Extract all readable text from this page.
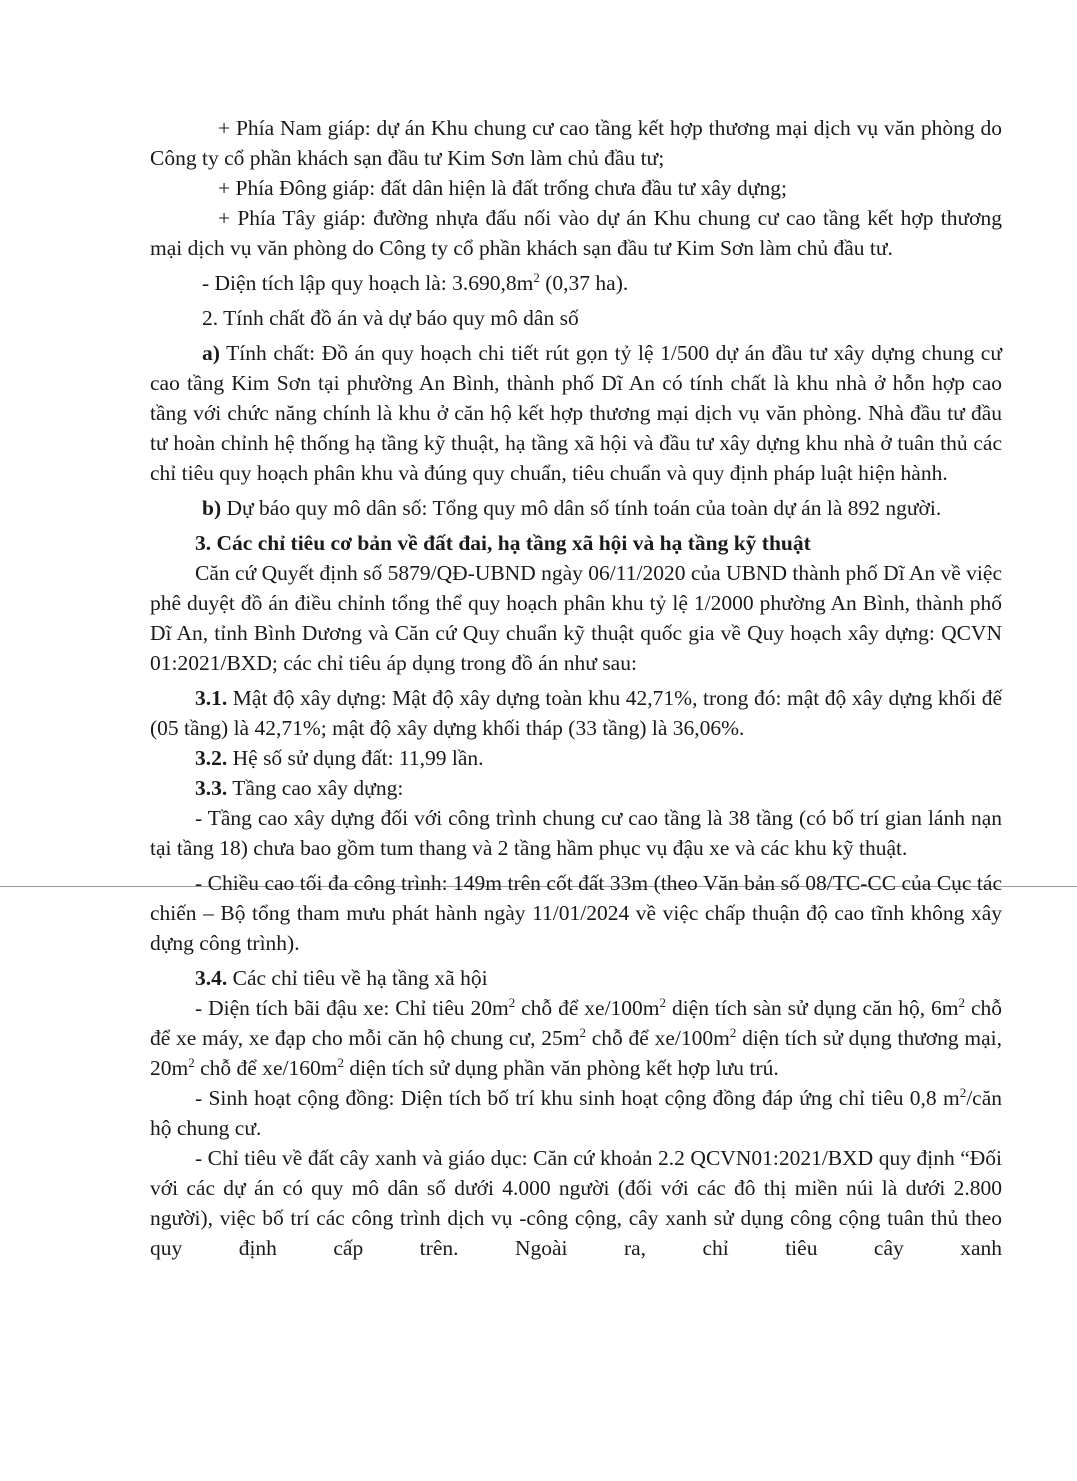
+ Phía Nam giáp: dự án Khu chung cư cao tầng kết hợp thương mại dịch vụ văn phòng do Công ty cổ phần khách sạn đầu tư Kim Sơn làm chủ đầu tư;

+ Phía Đông giáp: đất dân hiện là đất trống chưa đầu tư xây dựng;

+ Phía Tây giáp: đường nhựa đấu nối vào dự án Khu chung cư cao tầng kết hợp thương mại dịch vụ văn phòng do Công ty cổ phần khách sạn đầu tư Kim Sơn làm chủ đầu tư.

- Diện tích lập quy hoạch là: $3.690,8m^2$ (0,37 ha).

2. Tính chất đồ án và dự báo quy mô dân số

a) Tính chất: Đồ án quy hoạch chi tiết rút gọn tỷ lệ 1/500 dự án đầu tư xây dựng chung cư cao tầng Kim Sơn tại phường An Bình, thành phố Dĩ An có tính chất là khu nhà ở hỗn hợp cao tầng với chức năng chính là khu ở căn hộ kết hợp thương mại dịch vụ văn phòng. Nhà đầu tư đầu tư hoàn chỉnh hệ thống hạ tầng kỹ thuật, hạ tầng xã hội và đầu tư xây dựng khu nhà ở tuân thủ các chỉ tiêu quy hoạch phân khu và đúng quy chuẩn, tiêu chuẩn và quy định pháp luật hiện hành.

b) Dự báo quy mô dân số: Tổng quy mô dân số tính toán của toàn dự án là 892 người.

3. Các chỉ tiêu cơ bản về đất đai, hạ tầng xã hội và hạ tầng kỹ thuật

Căn cứ Quyết định số 5879/QĐ-UBND ngày 06/11/2020 của UBND thành phố Dĩ An về việc phê duyệt đồ án điều chỉnh tổng thể quy hoạch phân khu tỷ lệ 1/2000 phường An Bình, thành phố Dĩ An, tỉnh Bình Dương và Căn cứ Quy chuẩn kỹ thuật quốc gia về Quy hoạch xây dựng: QCVN 01:2021/BXD; các chỉ tiêu áp dụng trong đồ án như sau:

3.1. Mật độ xây dựng: Mật độ xây dựng toàn khu 42,71%, trong đó: mật độ xây dựng khối đế (05 tầng) là 42,71%; mật độ xây dựng khối tháp (33 tầng) là 36,06%.

3.2. Hệ số sử dụng đất: 11,99 lần.

3.3. Tầng cao xây dựng:

- Tầng cao xây dựng đối với công trình chung cư cao tầng là 38 tầng (có bố trí gian lánh nạn tại tầng 18) chưa bao gồm tum thang và 2 tầng hầm phục vụ đậu xe và các khu kỹ thuật.

- Chiều cao tối đa công trình: 149m trên cốt đất 33m (theo Văn bản số 08/TC-CC của Cục tác chiến – Bộ tổng tham mưu phát hành ngày 11/01/2024 về việc chấp thuận độ cao tĩnh không xây dựng công trình).

3.4. Các chỉ tiêu về hạ tầng xã hội

- Diện tích bãi đậu xe: Chỉ tiêu $20m^2$ chỗ để $xe/100m^2$ diện tích sàn sử dụng căn hộ, $6m^2$ chỗ để xe máy, xe đạp cho mỗi căn hộ chung cư, $25m^2$ chỗ để $xe/100m^2$ diện tích sử dụng thương mại, $20m^2$ chỗ để $xe/160m^2$ diện tích sử dụng phần văn phòng kết hợp lưu trú.

- Sinh hoạt cộng đồng: Diện tích bố trí khu sinh hoạt cộng đồng đáp ứng chỉ tiêu 0,8 $m^2$/căn hộ chung cư.

- Chỉ tiêu về đất cây xanh và giáo dục: Căn cứ khoản 2.2 QCVN01:2021/BXD quy định “Đối với các dự án có quy mô dân số dưới 4.000 người (đối với các đô thị miền núi là dưới 2.800 người), việc bố trí các công trình dịch vụ -công cộng, cây xanh sử dụng công cộng tuân thủ theo quy định cấp trên. Ngoài ra, chỉ tiêu cây xanh
